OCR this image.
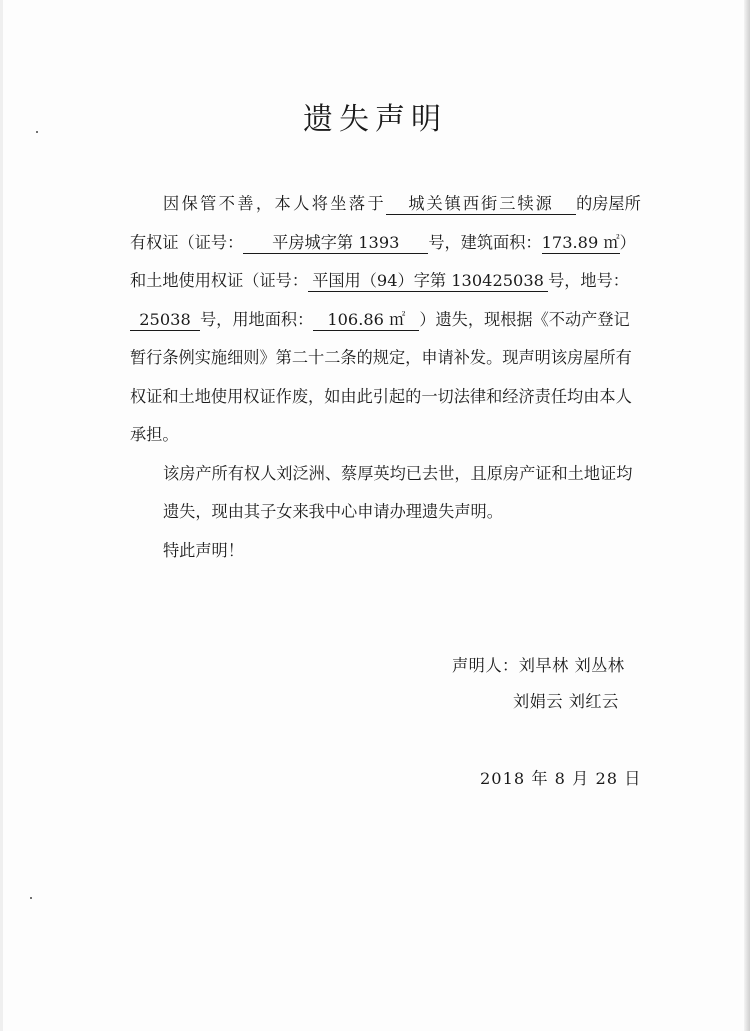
遗失声明

因保管不善，本人将坐落于 城关镇西街三犊源 的房屋所有权证（证号： 平房城字第 1393 号，建筑面积：173.89 ㎡）和土地使用权证（证号： 平国用（94）字第 130425038 号，地号：25038 号，用地面积： 106.86 ㎡ ）遗失，现根据《不动产登记暂行条例实施细则》第二十二条的规定，申请补发。现声明该房屋所有权证和土地使用权证作废，如由此引起的一切法律和经济责任均由本人承担。

该房产所有权人刘泛洲、蔡厚英均已去世，且原房产证和土地证均遗失，现由其子女来我中心申请办理遗失声明。

特此声明！

声明人：刘早林 刘丛林
刘娟云 刘红云
2018 年 8 月 28 日
